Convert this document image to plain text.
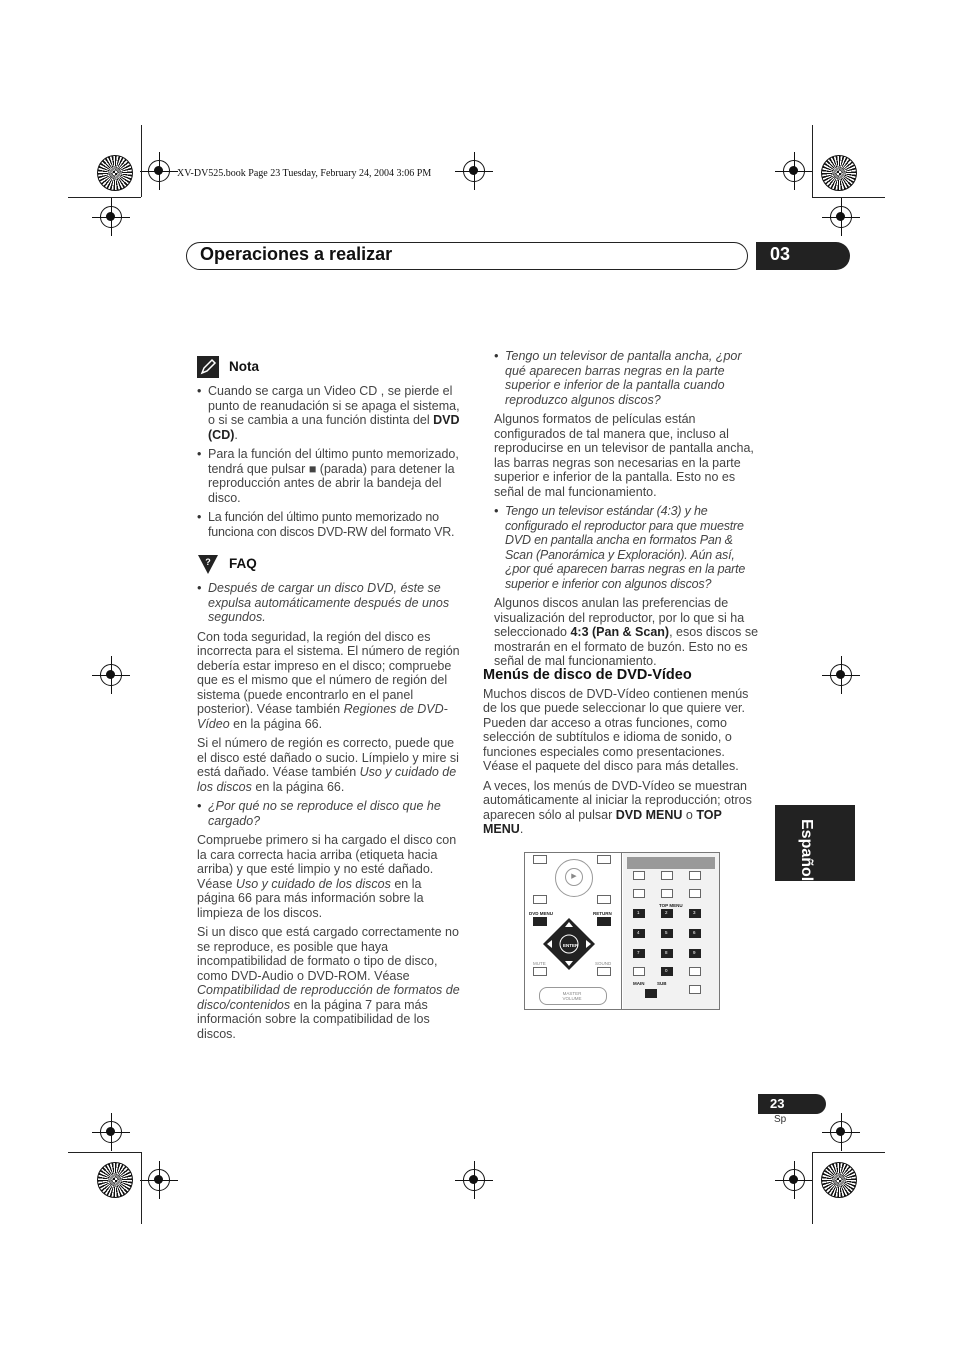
XV-DV525.book Page 23 Tuesday, February 24, 2004 3:06 PM
Operaciones a realizar	03
Nota
• Cuando se carga un Video CD , se pierde el punto de reanudación si se apaga el sistema, o si se cambia a una función distinta del DVD (CD).
• Para la función del último punto memorizado, tendrá que pulsar ■ (parada) para detener la reproducción antes de abrir la bandeja del disco.
• La función del último punto memorizado no funciona con discos DVD-RW del formato VR.
? FAQ
• Después de cargar un disco DVD, éste se expulsa automáticamente después de unos segundos.

Con toda seguridad, la región del disco es incorrecta para el sistema. El número de región debería estar impreso en el disco; compruebe que es el mismo que el número de región del sistema (puede encontrarlo en el panel posterior). Véase también Regiones de DVD-Vídeo en la página 66.

Si el número de región es correcto, puede que el disco esté dañado o sucio. Límpielo y mire si está dañado. Véase también Uso y cuidado de los discos en la página 66.

• ¿Por qué no se reproduce el disco que he cargado?

Compruebe primero si ha cargado el disco con la cara correcta hacia arriba (etiqueta hacia arriba) y que esté limpio y no esté dañado. Véase Uso y cuidado de los discos en la página 66 para más información sobre la limpieza de los discos.

Si un disco que está cargado correctamente no se reproduce, es posible que haya incompatibilidad de formato o tipo de disco, como DVD-Audio o DVD-ROM. Véase Compatibilidad de reproducción de formatos de disco/contenidos en la página 7 para más información sobre la compatibilidad de los discos.

• Tengo un televisor de pantalla ancha, ¿por qué aparecen barras negras en la parte superior e inferior de la pantalla cuando reproduzco algunos discos?

Algunos formatos de películas están configurados de tal manera que, incluso al reproducirse en un televisor de pantalla ancha, las barras negras son necesarias en la parte superior e inferior de la pantalla. Esto no es señal de mal funcionamiento.

• Tengo un televisor estándar (4:3) y he configurado el reproductor para que muestre DVD en pantalla ancha en formatos Pan & Scan (Panorámica y Exploración). Aún así, ¿por qué aparecen barras negras en la parte superior e inferior con algunos discos?

Algunos discos anulan las preferencias de visualización del reproductor, por lo que si ha seleccionado 4:3 (Pan & Scan), esos discos se mostrarán en el formato de buzón. Esto no es señal de mal funcionamiento.

Menús de disco de DVD-Vídeo

Muchos discos de DVD-Vídeo contienen menús de los que puede seleccionar lo que quiere ver. Pueden dar acceso a otras funciones, como selección de subtítulos e idioma de sonido, o funciones especiales como presentaciones. Véase el paquete del disco para más detalles.

A veces, los menús de DVD-Vídeo se muestran automáticamente al iniciar la reproducción; otros aparecen sólo al pulsar DVD MENU o TOP MENU.

▶
DVD MENU	RETURN
ENTER
MUTE	SOUND
MASTER VOLUME
TOP MENU
1	2	3
4	5	6
7	8	9
0
MAIN	SUB
Español
23
Sp
